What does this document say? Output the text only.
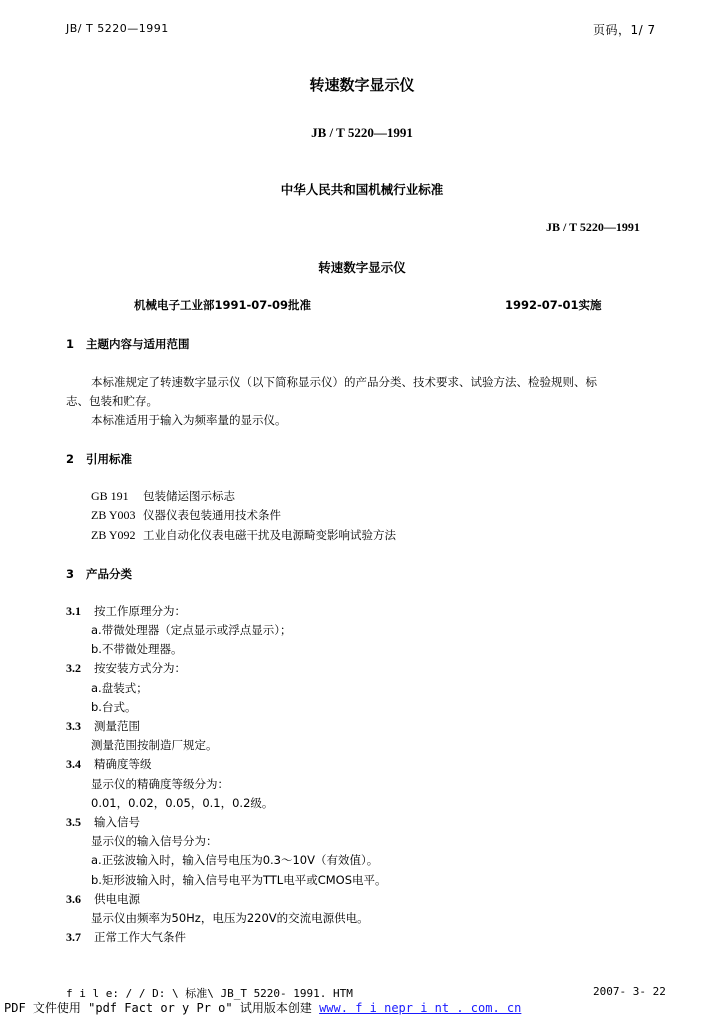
JB/ T 5220—1991	页码，1/ 7
转速数字显示仪
JB / T 5220—1991
中华人民共和国机械行业标准
JB / T 5220—1991
转速数字显示仪
机械电子工业部1991-07-09批准	1992-07-01实施
1 主题内容与适用范围
本标准规定了转速数字显示仪（以下简称显示仪）的产品分类、技术要求、试验方法、检验规则、标
志、包装和贮存。
本标准适用于输入为频率量的显示仪。
2 引用标准
GB 191 包装储运图示标志
ZB Y003 仪器仪表包装通用技术条件
ZB Y092 工业自动化仪表电磁干扰及电源畸变影响试验方法
3 产品分类
3.1 按工作原理分为：
a.带微处理器（定点显示或浮点显示）；
b.不带微处理器。
3.2 按安装方式分为：
a.盘装式；
b.台式。
3.3 测量范围
测量范围按制造厂规定。
3.4 精确度等级
显示仪的精确度等级分为：
0.01，0.02，0.05，0.1，0.2级。
3.5 输入信号
显示仪的输入信号分为：
a.正弦波输入时，输入信号电压为0.3～10V（有效值）。
b.矩形波输入时，输入信号电平为TTL电平或CMOS电平。
3.6 供电电源
显示仪由频率为50Hz，电压为220V的交流电源供电。
3.7 正常工作大气条件
f i l e: / / D: \ 标准\ JB_T 5220- 1991. HTM	2007- 3- 22
PDF 文件使用 "pdf Fact or y Pr o" 试用版本创建 www. f i nepr i nt . com. cn
